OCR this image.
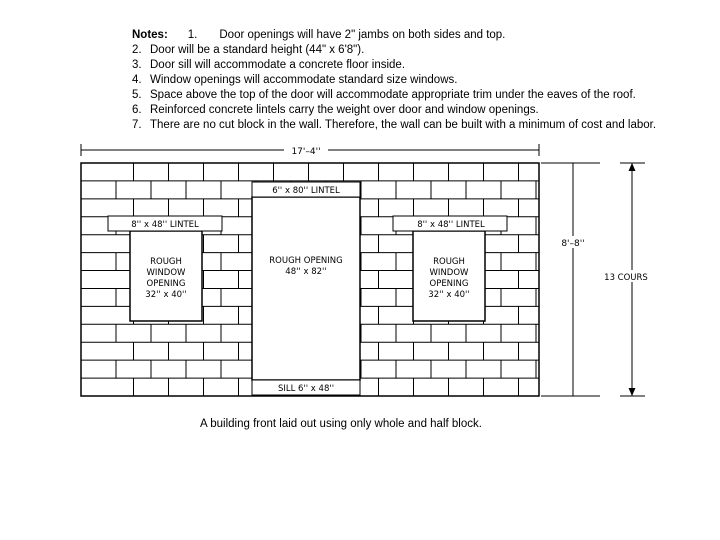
Notes: 1. Door openings will have 2" jambs on both sides and top.
2. Door will be a standard height (44" x 6'8").
3. Door sill will accommodate a concrete floor inside.
4. Window openings will accommodate standard size windows.
5. Space above the top of the door will accommodate appropriate trim under the eaves of the roof.
6. Reinforced concrete lintels carry the weight over door and window openings.
7. There are no cut block in the wall. Therefore, the wall can be built with a minimum of cost and labor.
6'' x 80'' LINTEL
8'' x 48'' LINTEL	8'' x 48'' LINTEL
SILL 6'' x 48''
ROUGH
WINDOW
OPENING
32'' x 40''
ROUGH OPENING
48'' x 82''
ROUGH
WINDOW
OPENING
32'' x 40''
17'–4''
8'–8''
13 COURS
A building front laid out using only whole and half block.
